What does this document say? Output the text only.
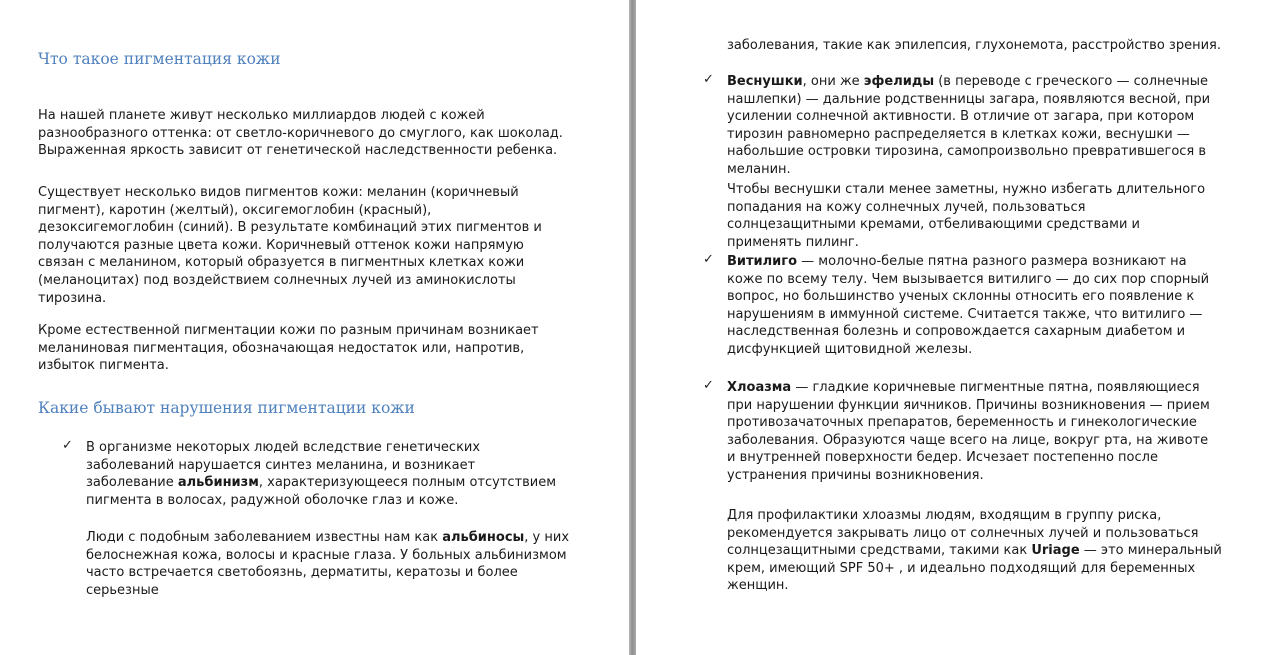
Что такое пигментация кожи

На нашей планете живут несколько миллиардов людей с кожей разнообразного оттенка: от светло-коричневого до смуглого, как шоколад. Выраженная яркость зависит от генетической наследственности ребенка.

Существует несколько видов пигментов кожи: меланин (коричневый пигмент), каротин (желтый), оксигемоглобин (красный), дезоксигемоглобин (синий). В результате комбинаций этих пигментов и получаются разные цвета кожи. Коричневый оттенок кожи напрямую связан с меланином, который образуется в пигментных клетках кожи (меланоцитах) под воздействием солнечных лучей из аминокислоты тирозина.

Кроме естественной пигментации кожи по разным причинам возникает меланиновая пигментация, обозначающая недостаток или, напротив, избыток пигмента.

Какие бывают нарушения пигментации кожи
✓ В организме некоторых людей вследствие генетических заболеваний нарушается синтез меланина, и возникает заболевание альбинизм, характеризующееся полным отсутствием пигмента в волосах, радужной оболочке глаз и коже.

Люди с подобным заболеванием известны нам как альбиносы, у них белоснежная кожа, волосы и красные глаза. У больных альбинизмом часто встречается светобоязнь, дерматиты, кератозы и более серьезные

заболевания, такие как эпилепсия, глухонемота, расстройство зрения.

✓ Веснушки, они же эфелиды (в переводе с греческого — солнечные нашлепки) — дальние родственницы загара, появляются весной, при усилении солнечной активности. В отличие от загара, при котором тирозин равномерно распределяется в клетках кожи, веснушки — набольшие островки тирозина, самопроизвольно превратившегося в меланин.

Чтобы веснушки стали менее заметны, нужно избегать длительного попадания на кожу солнечных лучей, пользоваться солнцезащитными кремами, отбеливающими средствами и применять пилинг.

✓ Витилиго — молочно-белые пятна разного размера возникают на коже по всему телу. Чем вызывается витилиго — до сих пор спорный вопрос, но большинство ученых склонны относить его появление к нарушениям в иммунной системе. Считается также, что витилиго — наследственная болезнь и сопровождается сахарным диабетом и дисфункцией щитовидной железы.

✓ Хлоазма — гладкие коричневые пигментные пятна, появляющиеся при нарушении функции яичников. Причины возникновения — прием противозачаточных препаратов, беременность и гинекологические заболевания. Образуются чаще всего на лице, вокруг рта, на животе и внутренней поверхности бедер. Исчезает постепенно после устранения причины возникновения.

Для профилактики хлоазмы людям, входящим в группу риска, рекомендуется закрывать лицо от солнечных лучей и пользоваться солнцезащитными средствами, такими как Uriage — это минеральный крем, имеющий SPF 50+ , и идеально подходящий для беременных женщин.
